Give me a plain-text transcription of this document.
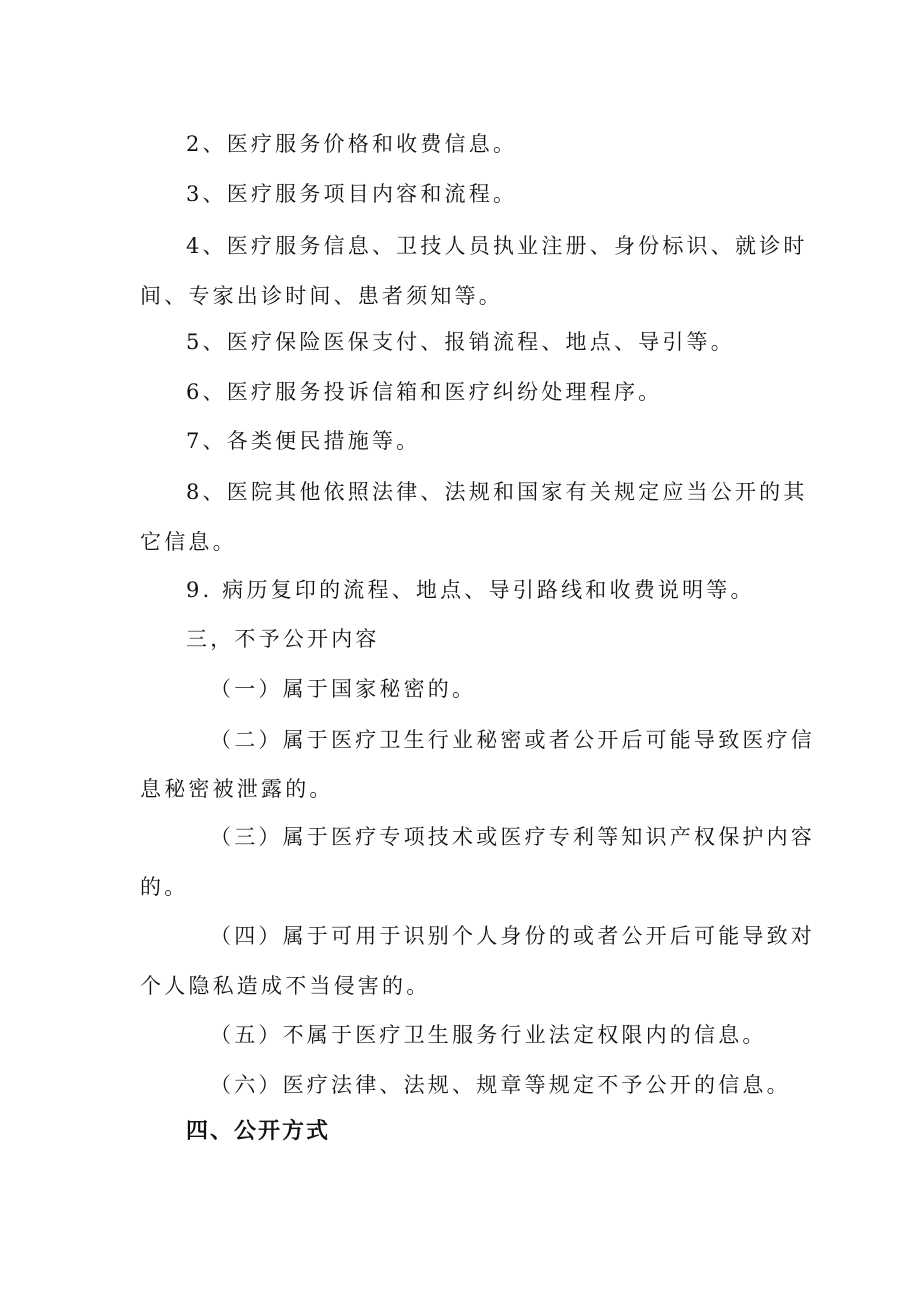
2、医疗服务价格和收费信息。

3、医疗服务项目内容和流程。

4、医疗服务信息、卫技人员执业注册、身份标识、就诊时

间、专家出诊时间、患者须知等。

5、医疗保险医保支付、报销流程、地点、导引等。

6、医疗服务投诉信箱和医疗纠纷处理程序。

7、各类便民措施等。

8、医院其他依照法律、法规和国家有关规定应当公开的其

它信息。

9. 病历复印的流程、地点、导引路线和收费说明等。

三，不予公开内容

（一）属于国家秘密的。

（二）属于医疗卫生行业秘密或者公开后可能导致医疗信

息秘密被泄露的。

（三）属于医疗专项技术或医疗专利等知识产权保护内容

的。

（四）属于可用于识别个人身份的或者公开后可能导致对

个人隐私造成不当侵害的。

（五）不属于医疗卫生服务行业法定权限内的信息。

（六）医疗法律、法规、规章等规定不予公开的信息。

四、公开方式
